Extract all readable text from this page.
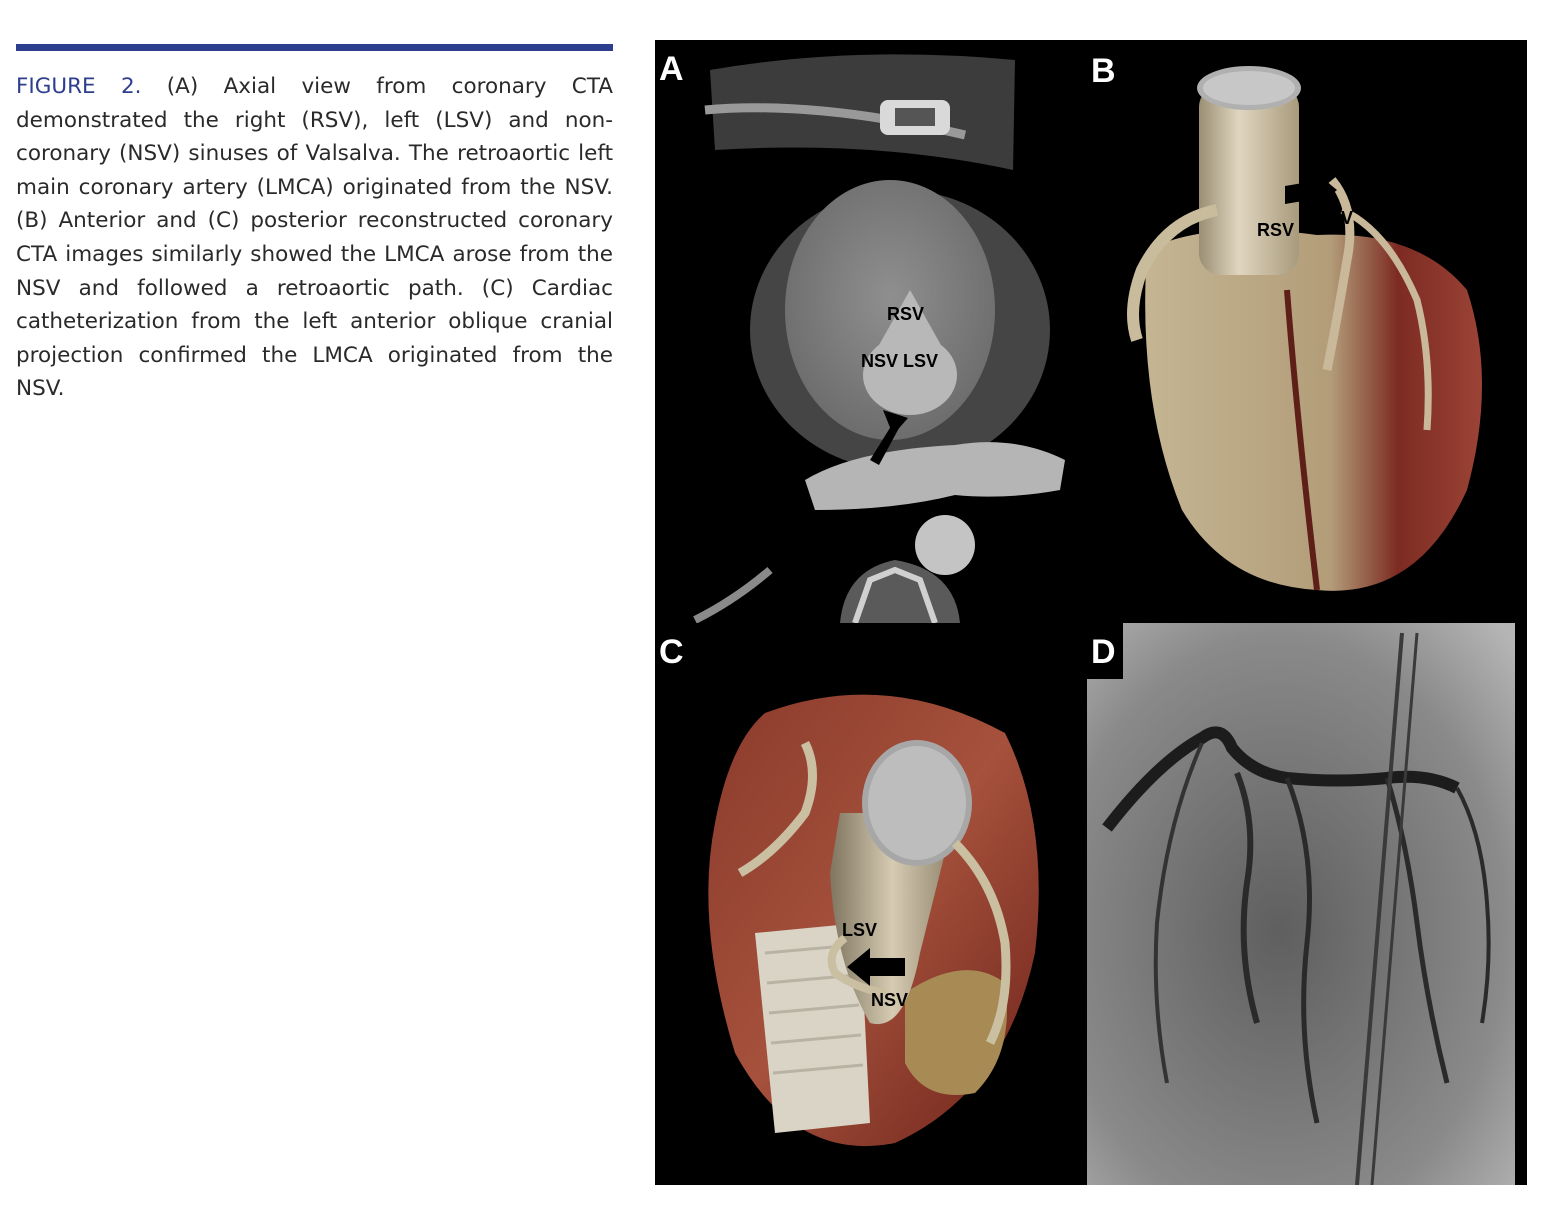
FIGURE 2. (A) Axial view from coronary CTA demonstrated the right (RSV), left (LSV) and non-coronary (NSV) sinuses of Valsalva. The retroaortic left main coronary artery (LMCA) originated from the NSV. (B) Anterior and (C) posterior reconstructed coronary CTA images similarly showed the LMCA arose from the NSV and followed a retroaortic path. (C) Cardiac catheterization from the left anterior oblique cranial projection confirmed the LMCA originated from the NSV.
A
RSV
NSV LSV
B
RSV
LSV
C
LSV
NSV
D
